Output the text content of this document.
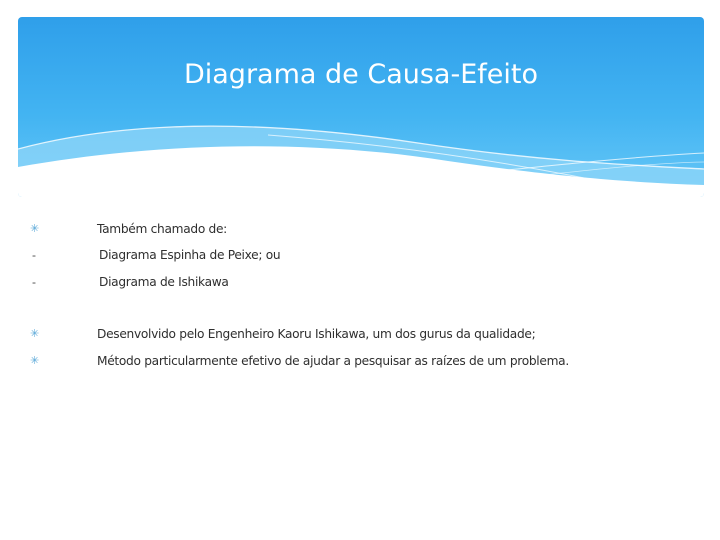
Diagrama de Causa-Efeito
✳	Também chamado de:
-	Diagrama Espinha de Peixe; ou
-	Diagrama de Ishikawa
✳	Desenvolvido pelo Engenheiro Kaoru Ishikawa, um dos gurus da qualidade;
✳	Método particularmente efetivo de ajudar a pesquisar as raízes de um problema.
